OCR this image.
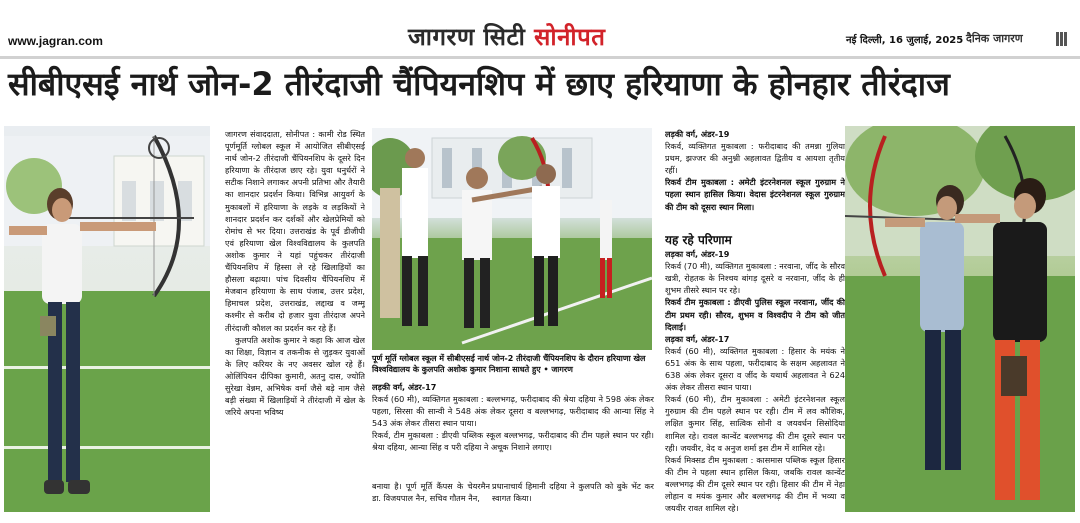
www.jagran.com	जागरण सिटी सोनीपत	नई दिल्ली, 16 जुलाई, 2025 दैनिक जागरण
सीबीएसई नार्थ जोन-2 तीरंदाजी चैंपियनशिप में छाए हरियाणा के होनहार तीरंदाज

जागरण संवाददाता, सोनीपत : कामी रोड स्थित पूर्णमूर्ति ग्लोबल स्कूल में आयोजित सीबीएसई नार्थ जोन-2 तीरंदाजी चैंपियनशिप के दूसरे दिन हरियाणा के तीरंदाज छाए रहे। युवा धनुर्धरों ने सटीक निशाने लगाकर अपनी प्रतिभा और तैयारी का शानदार प्रदर्शन किया। विभिन्न आयुवर्ग के मुकाबलों में हरियाणा के लड़के व लड़कियों ने शानदार प्रदर्शन कर दर्शकों और खेलप्रेमियों को रोमांच से भर दिया। उत्तराखंड के पूर्व डीजीपी एवं हरियाणा खेल विश्वविद्यालय के कुलपति अशोक कुमार ने यहां पहुंचकर तीरंदाजी चैंपियनशिप में हिस्सा ले रहे खिलाड़ियों का हौसला बढ़ाया। पांच दिवसीय चैंपियनशिप में मेजबान हरियाणा के साथ पंजाब, उत्तर प्रदेश, हिमाचल प्रदेश, उत्तराखंड, लद्दाख व जम्मू कश्मीर से करीब दो हजार युवा तीरंदाज अपने तीरंदाजी कौशल का प्रदर्शन कर रहे हैं।

कुलपति अशोक कुमार ने कहा कि आज खेल का शिक्षा, विज्ञान व तकनीक से जुड़कर युवाओं के लिए करियर के नए अवसर खोल रहे हैं। ओलिंपियन दीपिका कुमारी, अतनु दास, ज्योति सुरेखा वेन्नम, अभिषेक वर्मा जैसे बड़े नाम जैसे बड़ी संख्या में खिलाड़ियों ने तीरंदाजी में खेल के जरिये अपना भविष्य

पूर्ण मूर्ति ग्लोबल स्कूल में सीबीएसई नार्थ जोन-2 तीरंदाजी चैंपियनशिप के दौरान हरियाणा खेल विश्वविद्यालय के कुलपति अशोक कुमार निशाना साधते हुए • जागरण
लड़की वर्ग, अंडर-17

रिकर्व (60 मी), व्यक्तिगत मुकाबला : बल्लभगढ़, फरीदाबाद की श्रेया दहिया ने 598 अंक लेकर पहला, सिरसा की सान्वी ने 548 अंक लेकर दूसरा व बल्लभगढ़, फरीदाबाद की आन्या सिंह ने 543 अंक लेकर तीसरा स्थान पाया।

रिकर्व, टीम मुकाबला : डीएवी पब्लिक स्कूल बल्लभगढ़, फरीदाबाद की टीम पहले स्थान पर रही। श्रेया दहिया, आन्या सिंह व परी दहिया ने अचूक निशाने लगाए।

बनाया है। पूर्ण मूर्ति कैंपस के चेयरमैन डा. विजयपाल नैन, सचिव गौतम नैन,
प्रधानाचार्य हिमानी दहिया ने कुलपति को बुके भेंट कर स्वागत किया।
लड़की वर्ग, अंडर-19

रिकर्व, व्यक्तिगत मुकाबला : फरीदाबाद की तमन्ना गुलिया प्रथम, झज्जर की अनुश्नी अहलावत द्वितीय व आयशा तृतीय रहीं।

रिकर्व टीम मुकाबला : अमेटी इंटरनेशनल स्कूल गुरुग्राम ने पहला स्थान हासिल किया। वेदास इंटरनेशनल स्कूल गुरुग्राम की टीम को दूसरा स्थान मिला।

यह रहे परिणाम
लड़का वर्ग, अंडर-19

रिकर्व (70 मी), व्यक्तिगत मुकाबला : नरवाना, जींद के सौरव खत्री, रोहतक के निश्चय बांगड़ दूसरे व नरवाना, जींद के ही शुभम तीसरे स्थान पर रहे।

रिकर्व टीम मुकाबला : डीएवी पुलिस स्कूल नरवाना, जींद की टीम प्रथम रही। सौरव, शुभम व विश्वदीप ने टीम को जीत दिलाई।

लड़का वर्ग, अंडर-17

रिकर्व (60 मी), व्यक्तिगत मुकाबला : हिसार के मयंक ने 651 अंक के साथ पहला, फरीदाबाद के सक्षम अहलावत ने 638 अंक लेकर दूसरा व जींद के यथार्थ अहलावत ने 624 अंक लेकर तीसरा स्थान पाया।

रिकर्व (60 मी), टीम मुकाबला : अमेटी इंटरनेशनल स्कूल गुरुग्राम की टीम पहले स्थान पर रही। टीम में लव कौशिक, लक्षित कुमार सिंह, सात्विक सोनी व जयवर्धन सिसोदिया शामिल रहे। रावल कान्वेंट बल्लभगढ़ की टीम दूसरे स्थान पर रही। जयवीर, वेद व अनुज शर्मा इस टीम में शामिल रहे।

रिकर्व मिक्सड टीम मुकाबला : कासमास पब्लिक स्कूल हिसार की टीम ने पहला स्थान हासिल किया, जबकि रावल कान्वेंट बल्लभगढ़ की टीम दूसरे स्थान पर रही। हिसार की टीम में नेहा लोहान व मयंक कुमार और बल्लभगढ़ की टीम में भव्या व जयवीर रावत शामिल रहे।
